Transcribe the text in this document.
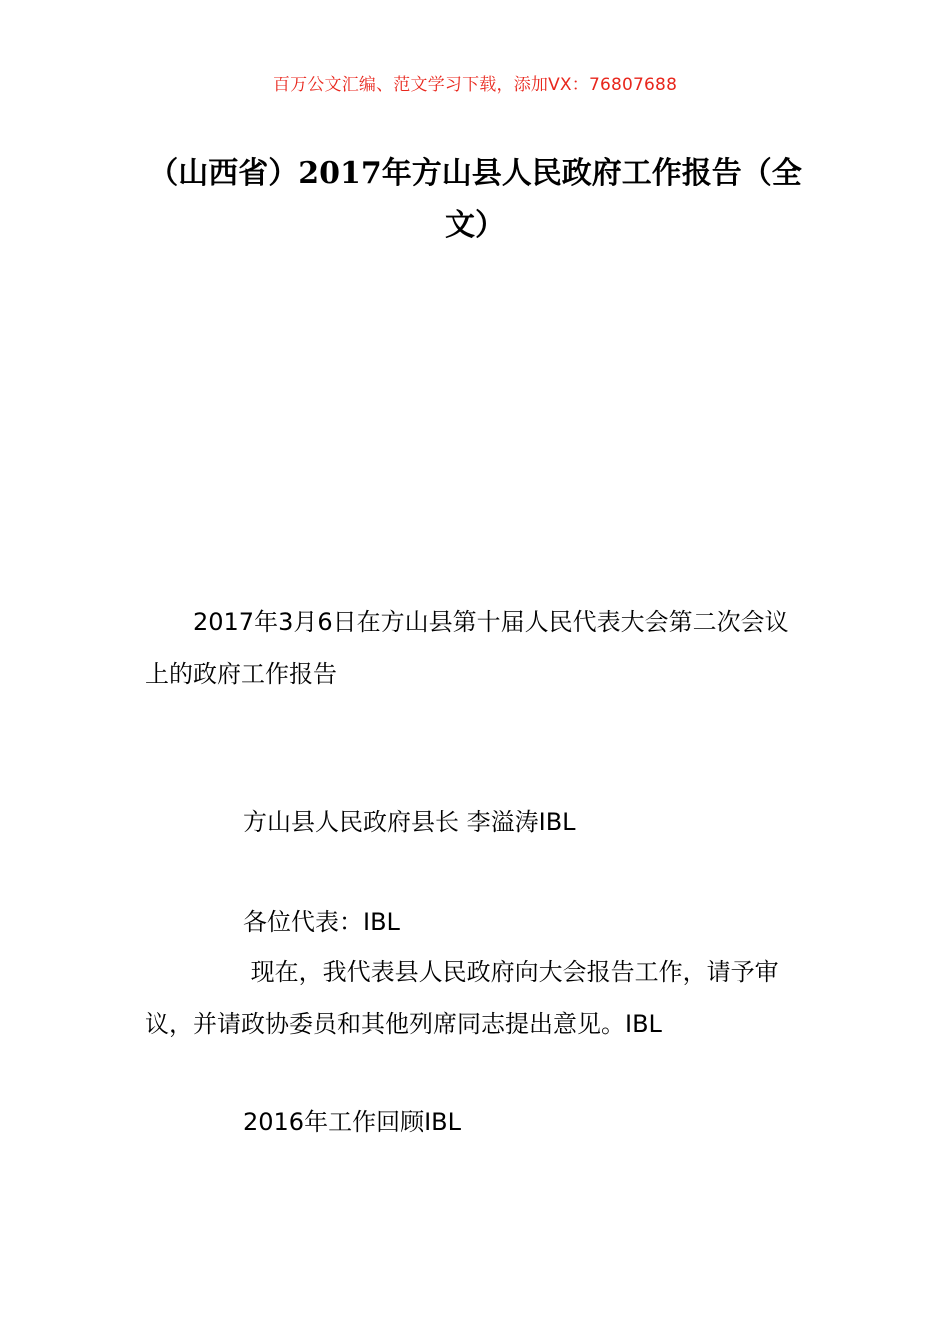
百万公文汇编、范文学习下载，添加VX：76807688
（山西省）2017年方山县人民政府工作报告（全文）

2017年3月6日在方山县第十届人民代表大会第二次会议上的政府工作报告

方山县人民政府县长 李溢涛IBL

各位代表：IBL

现在，我代表县人民政府向大会报告工作，请予审议，并请政协委员和其他列席同志提出意见。IBL

2016年工作回顾IBL
